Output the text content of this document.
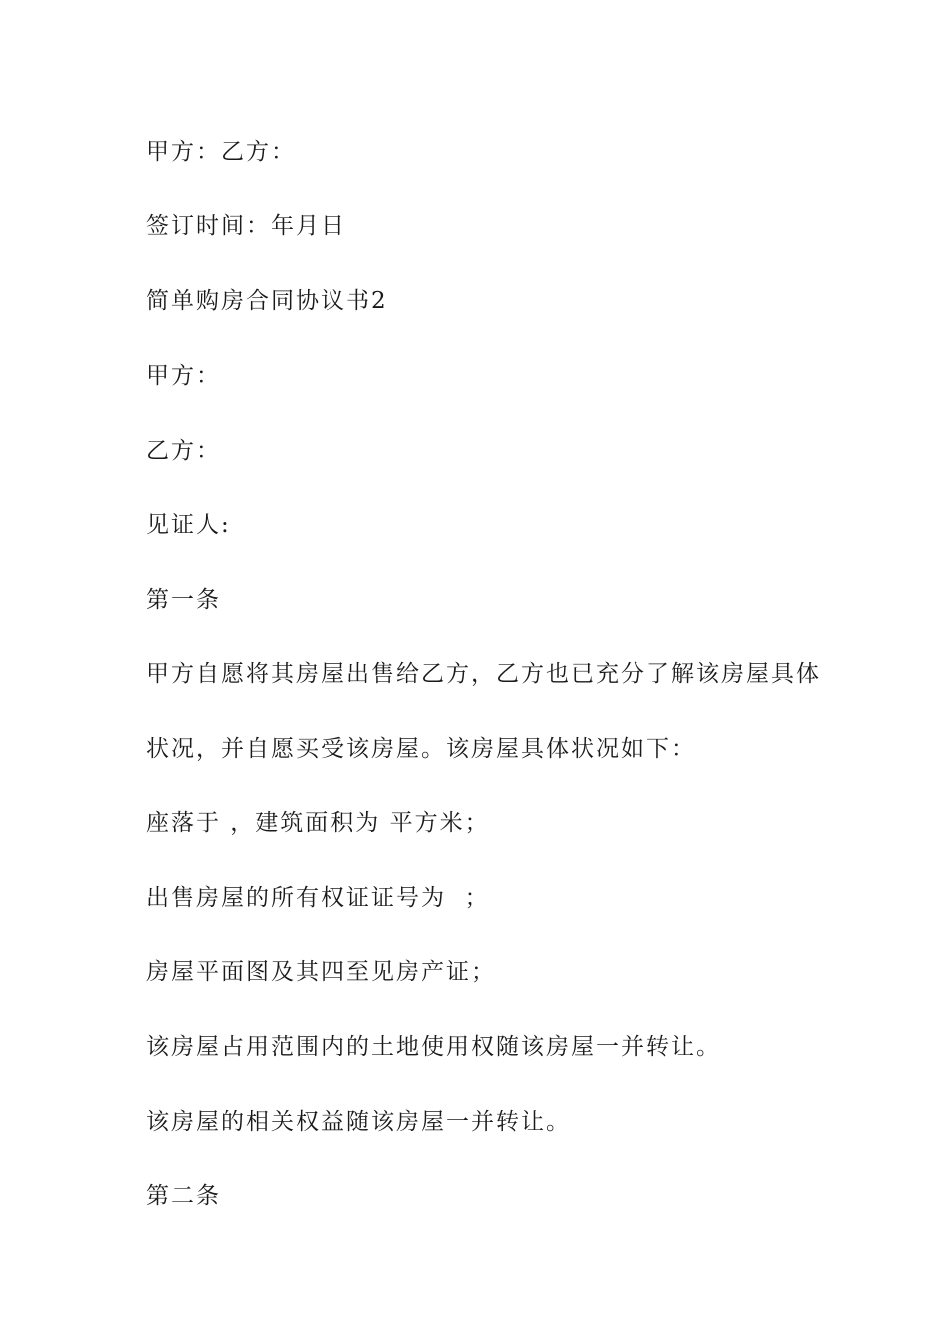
甲方：乙方：
签订时间：年月日
简单购房合同协议书2
甲方：
乙方：
见证人:
第一条
甲方自愿将其房屋出售给乙方，乙方也已充分了解该房屋具体
状况，并自愿买受该房屋。该房屋具体状况如下：
座落于 ，建筑面积为 平方米；
出售房屋的所有权证证号为  ；
房屋平面图及其四至见房产证；
该房屋占用范围内的土地使用权随该房屋一并转让。
该房屋的相关权益随该房屋一并转让。
第二条
